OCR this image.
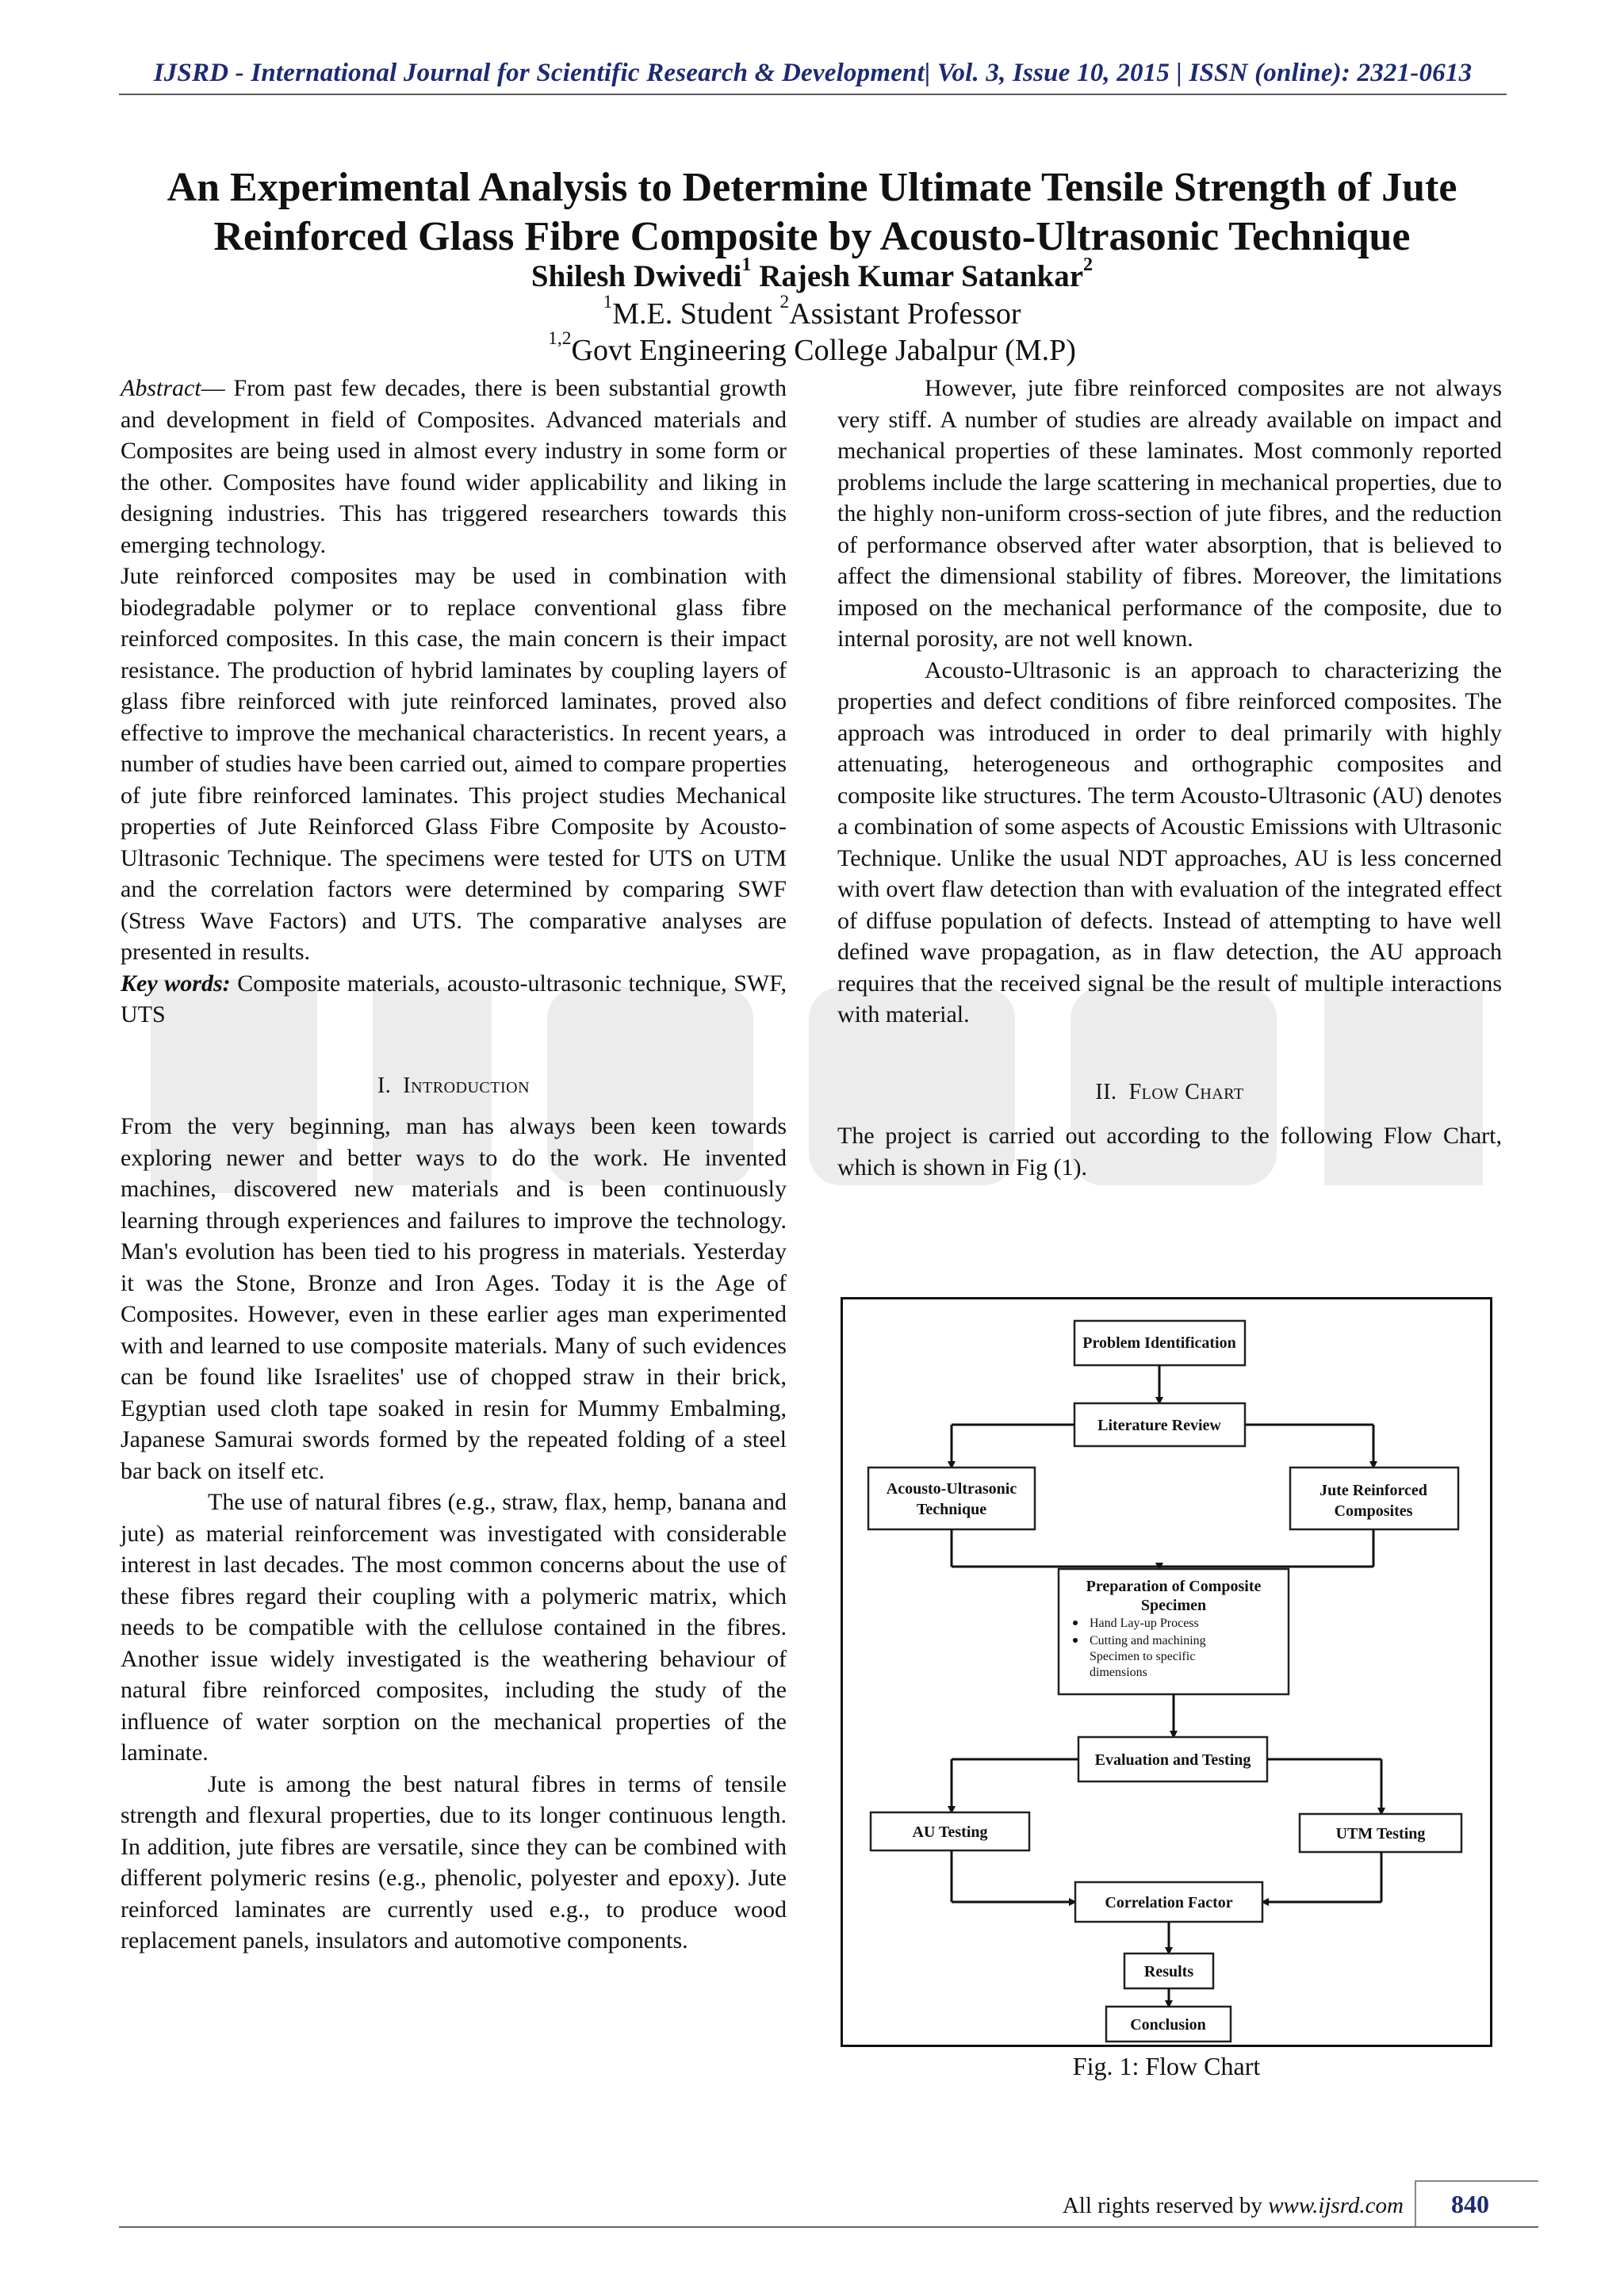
IJSRD - International Journal for Scientific Research & Development| Vol. 3, Issue 10, 2015 | ISSN (online): 2321-0613
An Experimental Analysis to Determine Ultimate Tensile Strength of Jute
Reinforced Glass Fibre Composite by Acousto-Ultrasonic Technique
Shilesh Dwivedi$^1$ Rajesh Kumar Satankar$^2$
$^1$M.E. Student $^2$Assistant Professor
$^{1,2}$Govt Engineering College Jabalpur (M.P)

Abstract— From past few decades, there is been substantial growth and development in field of Composites. Advanced materials and Composites are being used in almost every industry in some form or the other. Composites have found wider applicability and liking in designing industries. This has triggered researchers towards this emerging technology.

Jute reinforced composites may be used in combination with biodegradable polymer or to replace conventional glass fibre reinforced composites. In this case, the main concern is their impact resistance. The production of hybrid laminates by coupling layers of glass fibre reinforced with jute reinforced laminates, proved also effective to improve the mechanical characteristics. In recent years, a number of studies have been carried out, aimed to compare properties of jute fibre reinforced laminates. This project studies Mechanical properties of Jute Reinforced Glass Fibre Composite by Acousto-Ultrasonic Technique. The specimens were tested for UTS on UTM and the correlation factors were determined by comparing SWF (Stress Wave Factors) and UTS. The comparative analyses are presented in results.

Key words: Composite materials, acousto-ultrasonic technique, SWF, UTS

I. Introduction

From the very beginning, man has always been keen towards exploring newer and better ways to do the work. He invented machines, discovered new materials and is been continuously learning through experiences and failures to improve the technology. Man's evolution has been tied to his progress in materials. Yesterday it was the Stone, Bronze and Iron Ages. Today it is the Age of Composites. However, even in these earlier ages man experimented with and learned to use composite materials. Many of such evidences can be found like Israelites' use of chopped straw in their brick, Egyptian used cloth tape soaked in resin for Mummy Embalming, Japanese Samurai swords formed by the repeated folding of a steel bar back on itself etc.

The use of natural fibres (e.g., straw, flax, hemp, banana and jute) as material reinforcement was investigated with considerable interest in last decades. The most common concerns about the use of these fibres regard their coupling with a polymeric matrix, which needs to be compatible with the cellulose contained in the fibres. Another issue widely investigated is the weathering behaviour of natural fibre reinforced composites, including the study of the influence of water sorption on the mechanical properties of the laminate.

Jute is among the best natural fibres in terms of tensile strength and flexural properties, due to its longer continuous length. In addition, jute fibres are versatile, since they can be combined with different polymeric resins (e.g., phenolic, polyester and epoxy). Jute reinforced laminates are currently used e.g., to produce wood replacement panels, insulators and automotive components.

However, jute fibre reinforced composites are not always very stiff. A number of studies are already available on impact and mechanical properties of these laminates. Most commonly reported problems include the large scattering in mechanical properties, due to the highly non-uniform cross-section of jute fibres, and the reduction of performance observed after water absorption, that is believed to affect the dimensional stability of fibres. Moreover, the limitations imposed on the mechanical performance of the composite, due to internal porosity, are not well known.

Acousto-Ultrasonic is an approach to characterizing the properties and defect conditions of fibre reinforced composites. The approach was introduced in order to deal primarily with highly attenuating, heterogeneous and orthographic composites and composite like structures. The term Acousto-Ultrasonic (AU) denotes a combination of some aspects of Acoustic Emissions with Ultrasonic Technique. Unlike the usual NDT approaches, AU is less concerned with overt flaw detection than with evaluation of the integrated effect of diffuse population of defects. Instead of attempting to have well defined wave propagation, as in flaw detection, the AU approach requires that the received signal be the result of multiple interactions with material.

II. Flow Chart

The project is carried out according to the following Flow Chart, which is shown in Fig (1).

Problem Identification
Literature Review
Acousto-Ultrasonic
Technique
Jute Reinforced
Composites
Preparation of Composite
Specimen
Hand Lay-up Process
Cutting and machining
Specimen to specific
dimensions
Evaluation and Testing
AU Testing	UTM Testing
Correlation Factor
Results
Conclusion
Fig. 1: Flow Chart
All rights reserved by www.ijsrd.com	840
